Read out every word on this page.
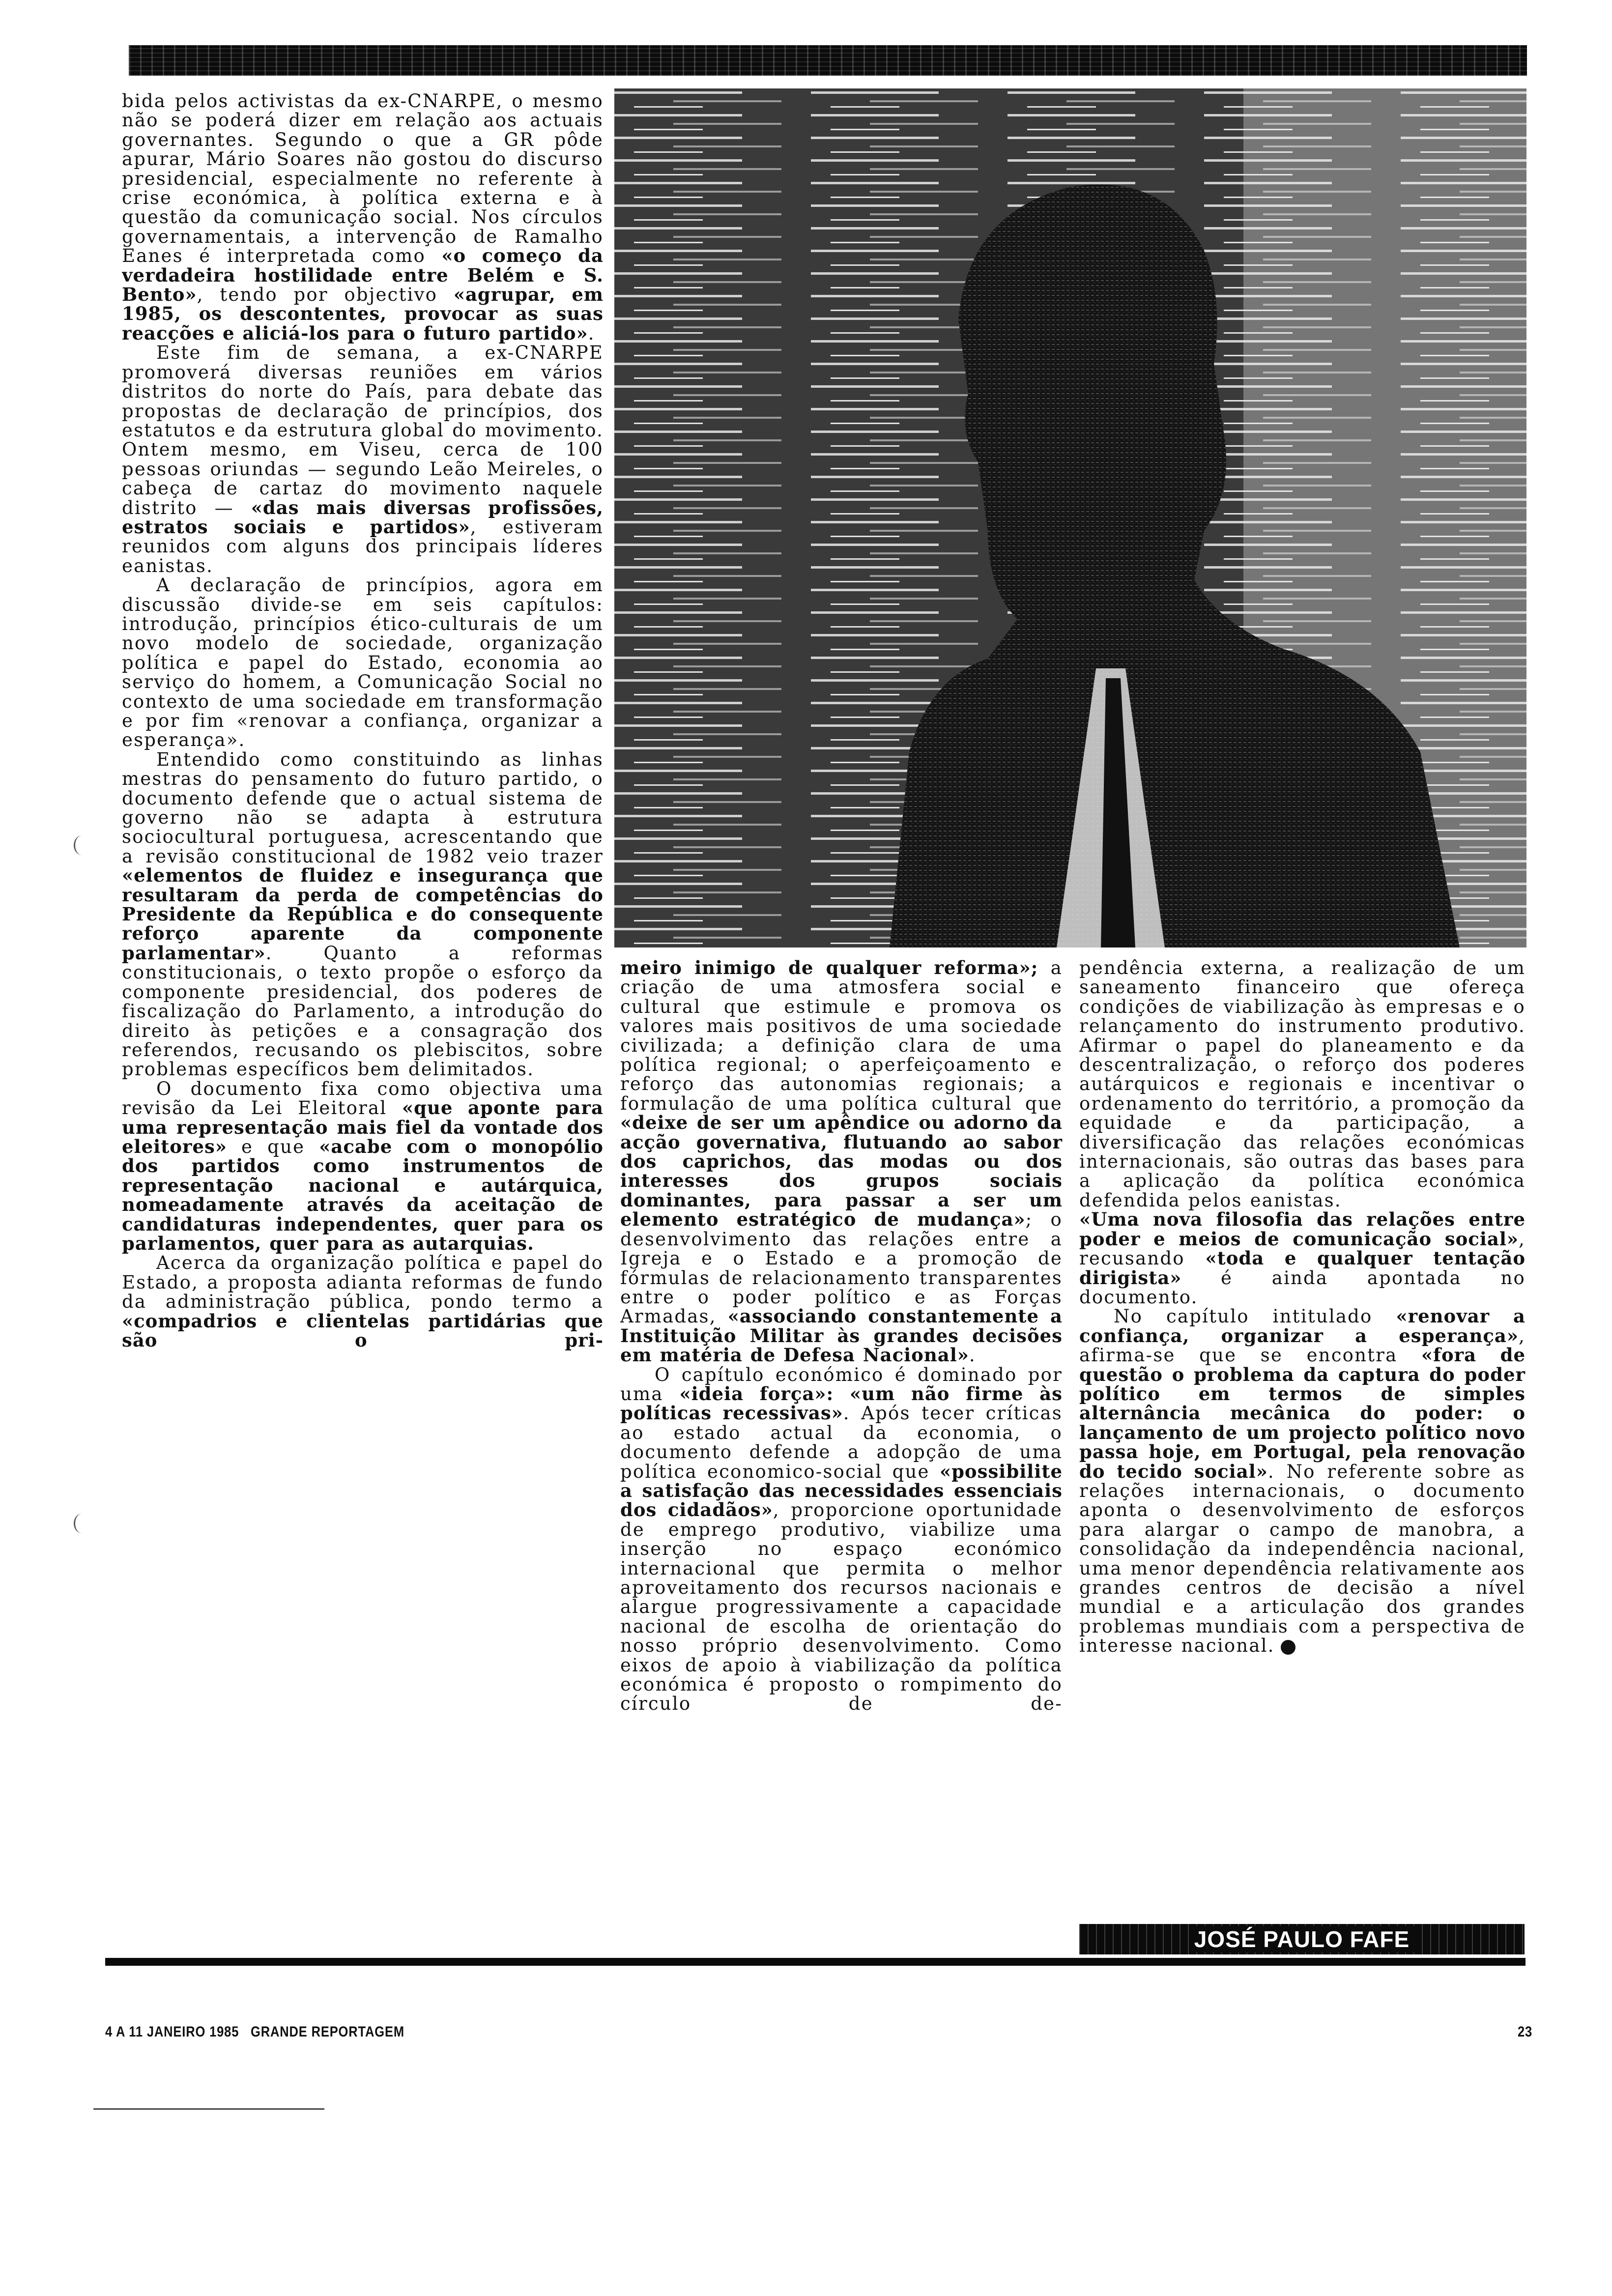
bida pelos activistas da ex-CNARPE, o mesmo não se poderá dizer em relação aos actuais governantes. Segundo o que a GR pôde apurar, Mário Soares não gostou do discurso presidencial, especialmente no referente à crise económica, à política externa e à questão da comunicação social. Nos círculos governamentais, a intervenção de Ramalho Eanes é interpretada como «o começo da verdadeira hostilidade entre Belém e S. Bento», tendo por objectivo «agrupar, em 1985, os descontentes, provocar as suas reacções e aliciá-los para o futuro partido».

Este fim de semana, a ex-CNARPE promoverá diversas reuniões em vários distritos do norte do País, para debate das propostas de declaração de princípios, dos estatutos e da estrutura global do movimento. Ontem mesmo, em Viseu, cerca de 100 pessoas oriundas — segundo Leão Meireles, o cabeça de cartaz do movimento naquele distrito — «das mais diversas profissões, estratos sociais e partidos», estiveram reunidos com alguns dos principais líderes eanistas.

A declaração de princípios, agora em discussão divide-se em seis capítulos: introdução, princípios ético-culturais de um novo modelo de sociedade, organização política e papel do Estado, economia ao serviço do homem, a Comunicação Social no contexto de uma sociedade em transformação e por fim «renovar a confiança, organizar a esperança».

Entendido como constituindo as linhas mestras do pensamento do futuro partido, o documento defende que o actual sistema de governo não se adapta à estrutura sociocultural portuguesa, acrescentando que a revisão constitucional de 1982 veio trazer «elementos de fluidez e insegurança que resultaram da perda de competências do Presidente da República e do consequente reforço aparente da componente parlamentar». Quanto a reformas constitucionais, o texto propõe o esforço da componente presidencial, dos poderes de fiscalização do Parlamento, a introdução do direito às petições e a consagração dos referendos, recusando os plebiscitos, sobre problemas específicos bem delimitados.

O documento fixa como objectiva uma revisão da Lei Eleitoral «que aponte para uma representação mais fiel da vontade dos eleitores» e que «acabe com o monopólio dos partidos como instrumentos de representação nacional e autárquica, nomeadamente através da aceitação de candidaturas independentes, quer para os parlamentos, quer para as autarquias.

Acerca da organização política e papel do Estado, a proposta adianta reformas de fundo da administração pública, pondo termo a «compadrios e clientelas partidárias que são o pri-

meiro inimigo de qualquer reforma»; a criação de uma atmosfera social e cultural que estimule e promova os valores mais positivos de uma sociedade civilizada; a definição clara de uma política regional; o aperfeiçoamento e reforço das autonomias regionais; a formulação de uma política cultural que «deixe de ser um apêndice ou adorno da acção governativa, flutuando ao sabor dos caprichos, das modas ou dos interesses dos grupos sociais dominantes, para passar a ser um elemento estratégico de mudança»; o desenvolvimento das relações entre a Igreja e o Estado e a promoção de fórmulas de relacionamento transparentes entre o poder político e as Forças Armadas, «associando constantemente a Instituição Militar às grandes decisões em matéria de Defesa Nacional».

O capítulo económico é dominado por uma «ideia força»: «um não firme às políticas recessivas». Após tecer críticas ao estado actual da economia, o documento defende a adopção de uma política economico-social que «possibilite a satisfação das necessidades essenciais dos cidadãos», proporcione oportunidade de emprego produtivo, viabilize uma inserção no espaço económico internacional que permita o melhor aproveitamento dos recursos nacionais e alargue progressivamente a capacidade nacional de escolha de orientação do nosso próprio desenvolvimento. Como eixos de apoio à viabilização da política económica é proposto o rompimento do círculo de de-

pendência externa, a realização de um saneamento financeiro que ofereça condições de viabilização às empresas e o relançamento do instrumento produtivo. Afirmar o papel do planeamento e da descentralização, o reforço dos poderes autárquicos e regionais e incentivar o ordenamento do território, a promoção da equidade e da participação, a diversificação das relações económicas internacionais, são outras das bases para a aplicação da política económica defendida pelos eanistas.

«Uma nova filosofia das relações entre poder e meios de comunicação social», recusando «toda e qualquer tentação dirigista» é ainda apontada no documento.

No capítulo intitulado «renovar a confiança, organizar a esperança», afirma-se que se encontra «fora de questão o problema da captura do poder político em termos de simples alternância mecânica do poder: o lançamento de um projecto político novo passa hoje, em Portugal, pela renovação do tecido social». No referente sobre as relações internacionais, o documento aponta o desenvolvimento de esforços para alargar o campo de manobra, a consolidação da independência nacional, uma menor dependência relativamente aos grandes centros de decisão a nível mundial e a articulação dos grandes problemas mundiais com a perspectiva de interesse nacional.

JOSÉ PAULO FAFE
4 A 11 JANEIRO 1985   GRANDE REPORTAGEM	23
